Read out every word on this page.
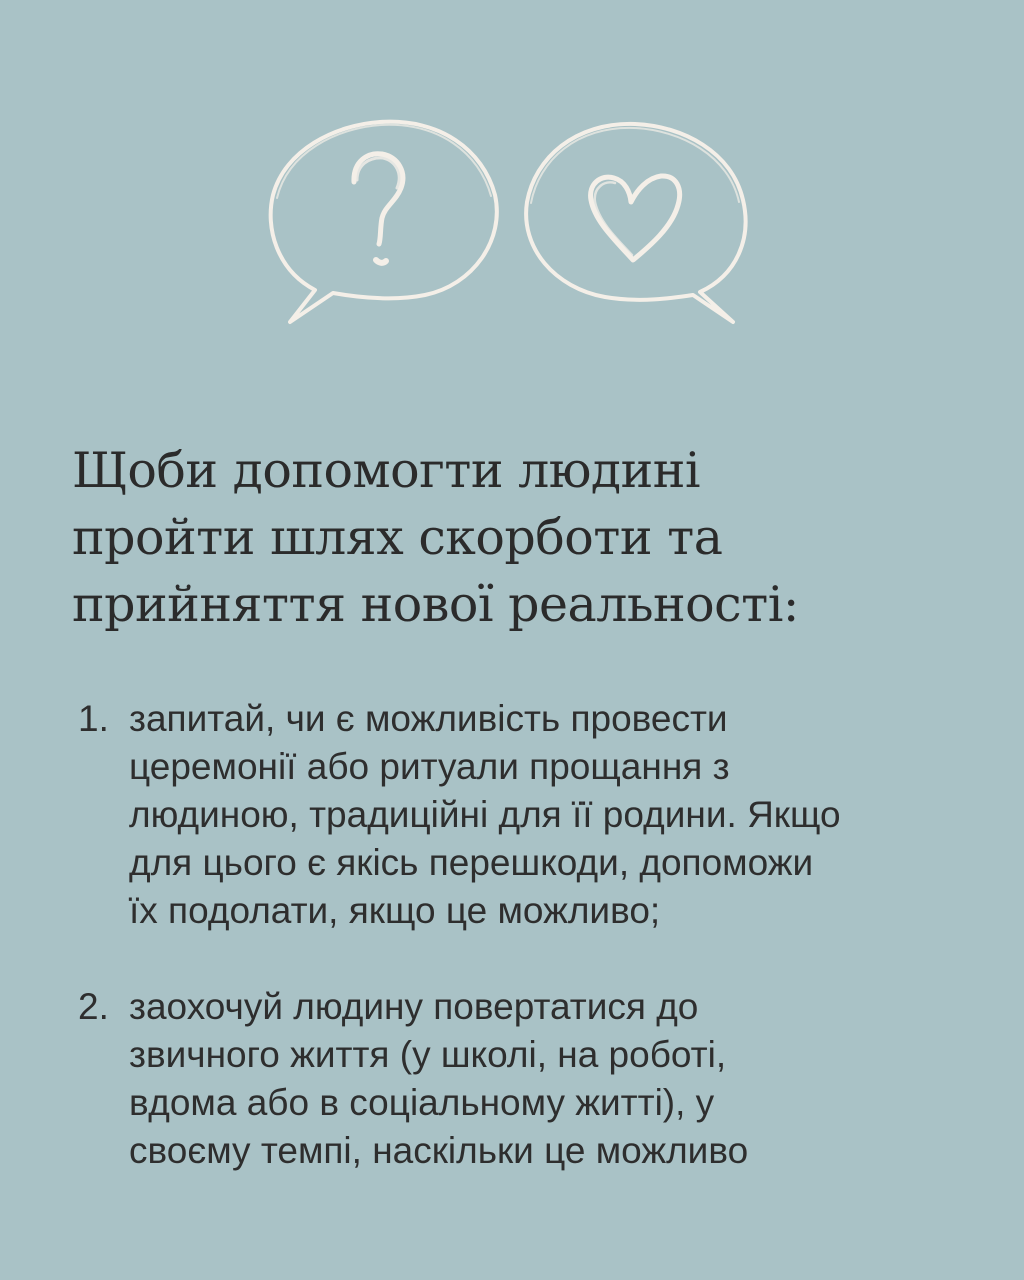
Щоби допомогти людині
пройти шлях скорботи та
прийняття нової реальності:
1. запитай, чи є можливість провести
церемонії або ритуали прощання з
людиною, традиційні для її родини. Якщо
для цього є якісь перешкоди, допоможи
їх подолати, якщо це можливо;
2. заохочуй людину повертатися до
звичного життя (у школі, на роботі,
вдома або в соціальному житті), у
своєму темпі, наскільки це можливо
